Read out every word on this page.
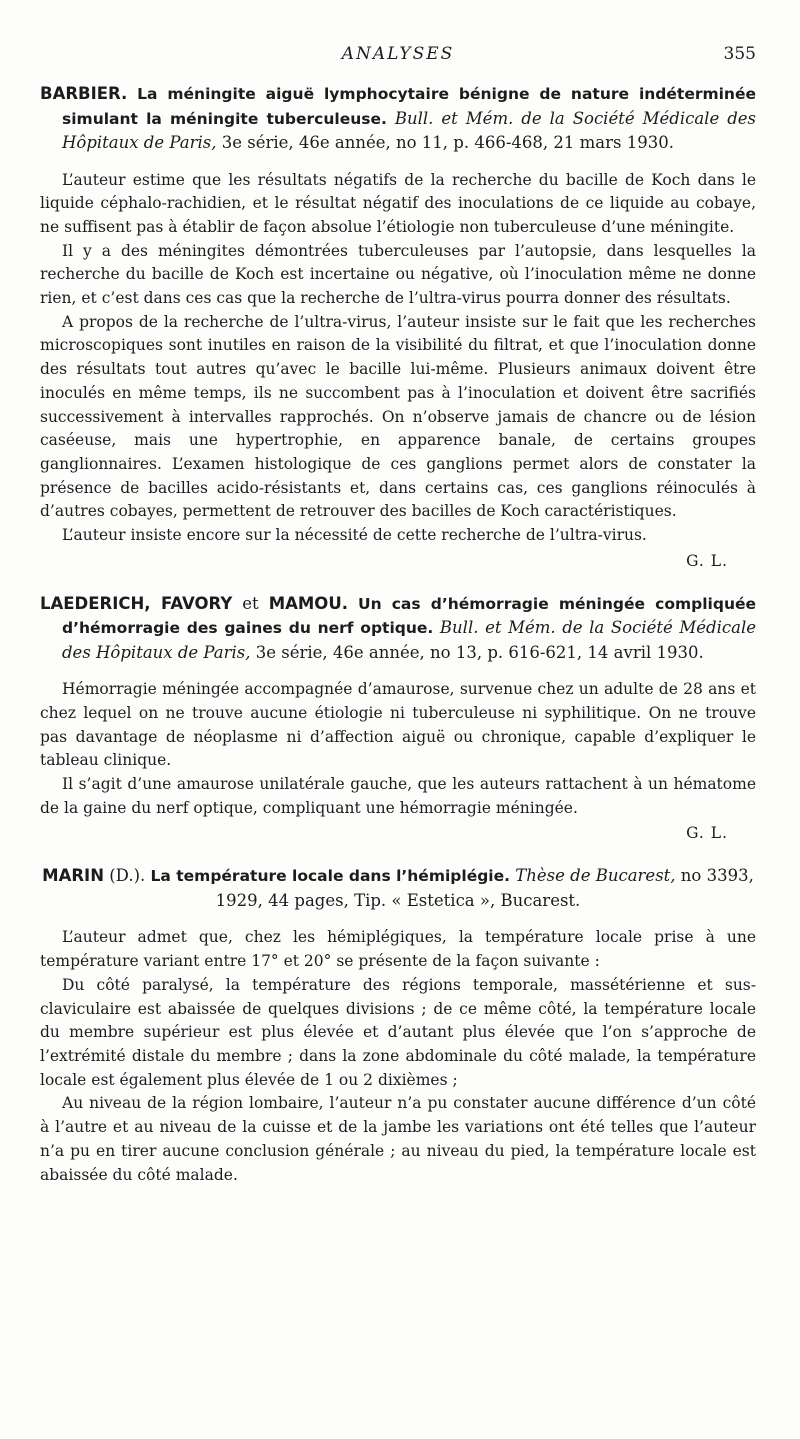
ANALYSES	355

BARBIER. La méningite aiguë lymphocytaire bénigne de nature indéterminée simulant la méningite tuberculeuse. Bull. et Mém. de la Société Médicale des Hôpitaux de Paris, 3e série, 46e année, no 11, p. 466-468, 21 mars 1930.

L’auteur estime que les résultats négatifs de la recherche du bacille de Koch dans le liquide céphalo-rachidien, et le résultat négatif des inoculations de ce liquide au cobaye, ne suffisent pas à établir de façon absolue l’étiologie non tuberculeuse d’une méningite.

Il y a des méningites démontrées tuberculeuses par l’autopsie, dans lesquelles la recherche du bacille de Koch est incertaine ou négative, où l’inoculation même ne donne rien, et c’est dans ces cas que la recherche de l’ultra-virus pourra donner des résultats.

A propos de la recherche de l’ultra-virus, l’auteur insiste sur le fait que les recherches microscopiques sont inutiles en raison de la visibilité du filtrat, et que l’inoculation donne des résultats tout autres qu’avec le bacille lui-même. Plusieurs animaux doivent être inoculés en même temps, ils ne succombent pas à l’inoculation et doivent être sacrifiés successivement à intervalles rapprochés. On n’observe jamais de chancre ou de lésion caséeuse, mais une hypertrophie, en apparence banale, de certains groupes ganglionnaires. L’examen histologique de ces ganglions permet alors de constater la présence de bacilles acido-résistants et, dans certains cas, ces ganglions réinoculés à d’autres cobayes, permettent de retrouver des bacilles de Koch caractéristiques.

L’auteur insiste encore sur la nécessité de cette recherche de l’ultra-virus.

G. L.

LAEDERICH, FAVORY et MAMOU. Un cas d’hémorragie méningée compliquée d’hémorragie des gaines du nerf optique. Bull. et Mém. de la Société Médicale des Hôpitaux de Paris, 3e série, 46e année, no 13, p. 616-621, 14 avril 1930.

Hémorragie méningée accompagnée d’amaurose, survenue chez un adulte de 28 ans et chez lequel on ne trouve aucune étiologie ni tuberculeuse ni syphilitique. On ne trouve pas davantage de néoplasme ni d’affection aiguë ou chronique, capable d’expliquer le tableau clinique.

Il s’agit d’une amaurose unilatérale gauche, que les auteurs rattachent à un hématome de la gaine du nerf optique, compliquant une hémorragie méningée.

G. L.

MARIN (D.). La température locale dans l’hémiplégie. Thèse de Bucarest, no 3393, 1929, 44 pages, Tip. « Estetica », Bucarest.

L’auteur admet que, chez les hémiplégiques, la température locale prise à une température variant entre 17° et 20° se présente de la façon suivante :

Du côté paralysé, la température des régions temporale, massétérienne et sus-claviculaire est abaissée de quelques divisions ; de ce même côté, la température locale du membre supérieur est plus élevée et d’autant plus élevée que l’on s’approche de l’extrémité distale du membre ; dans la zone abdominale du côté malade, la température locale est également plus élevée de 1 ou 2 dixièmes ;

Au niveau de la région lombaire, l’auteur n’a pu constater aucune différence d’un côté à l’autre et au niveau de la cuisse et de la jambe les variations ont été telles que l’auteur n’a pu en tirer aucune conclusion générale ; au niveau du pied, la température locale est abaissée du côté malade.
